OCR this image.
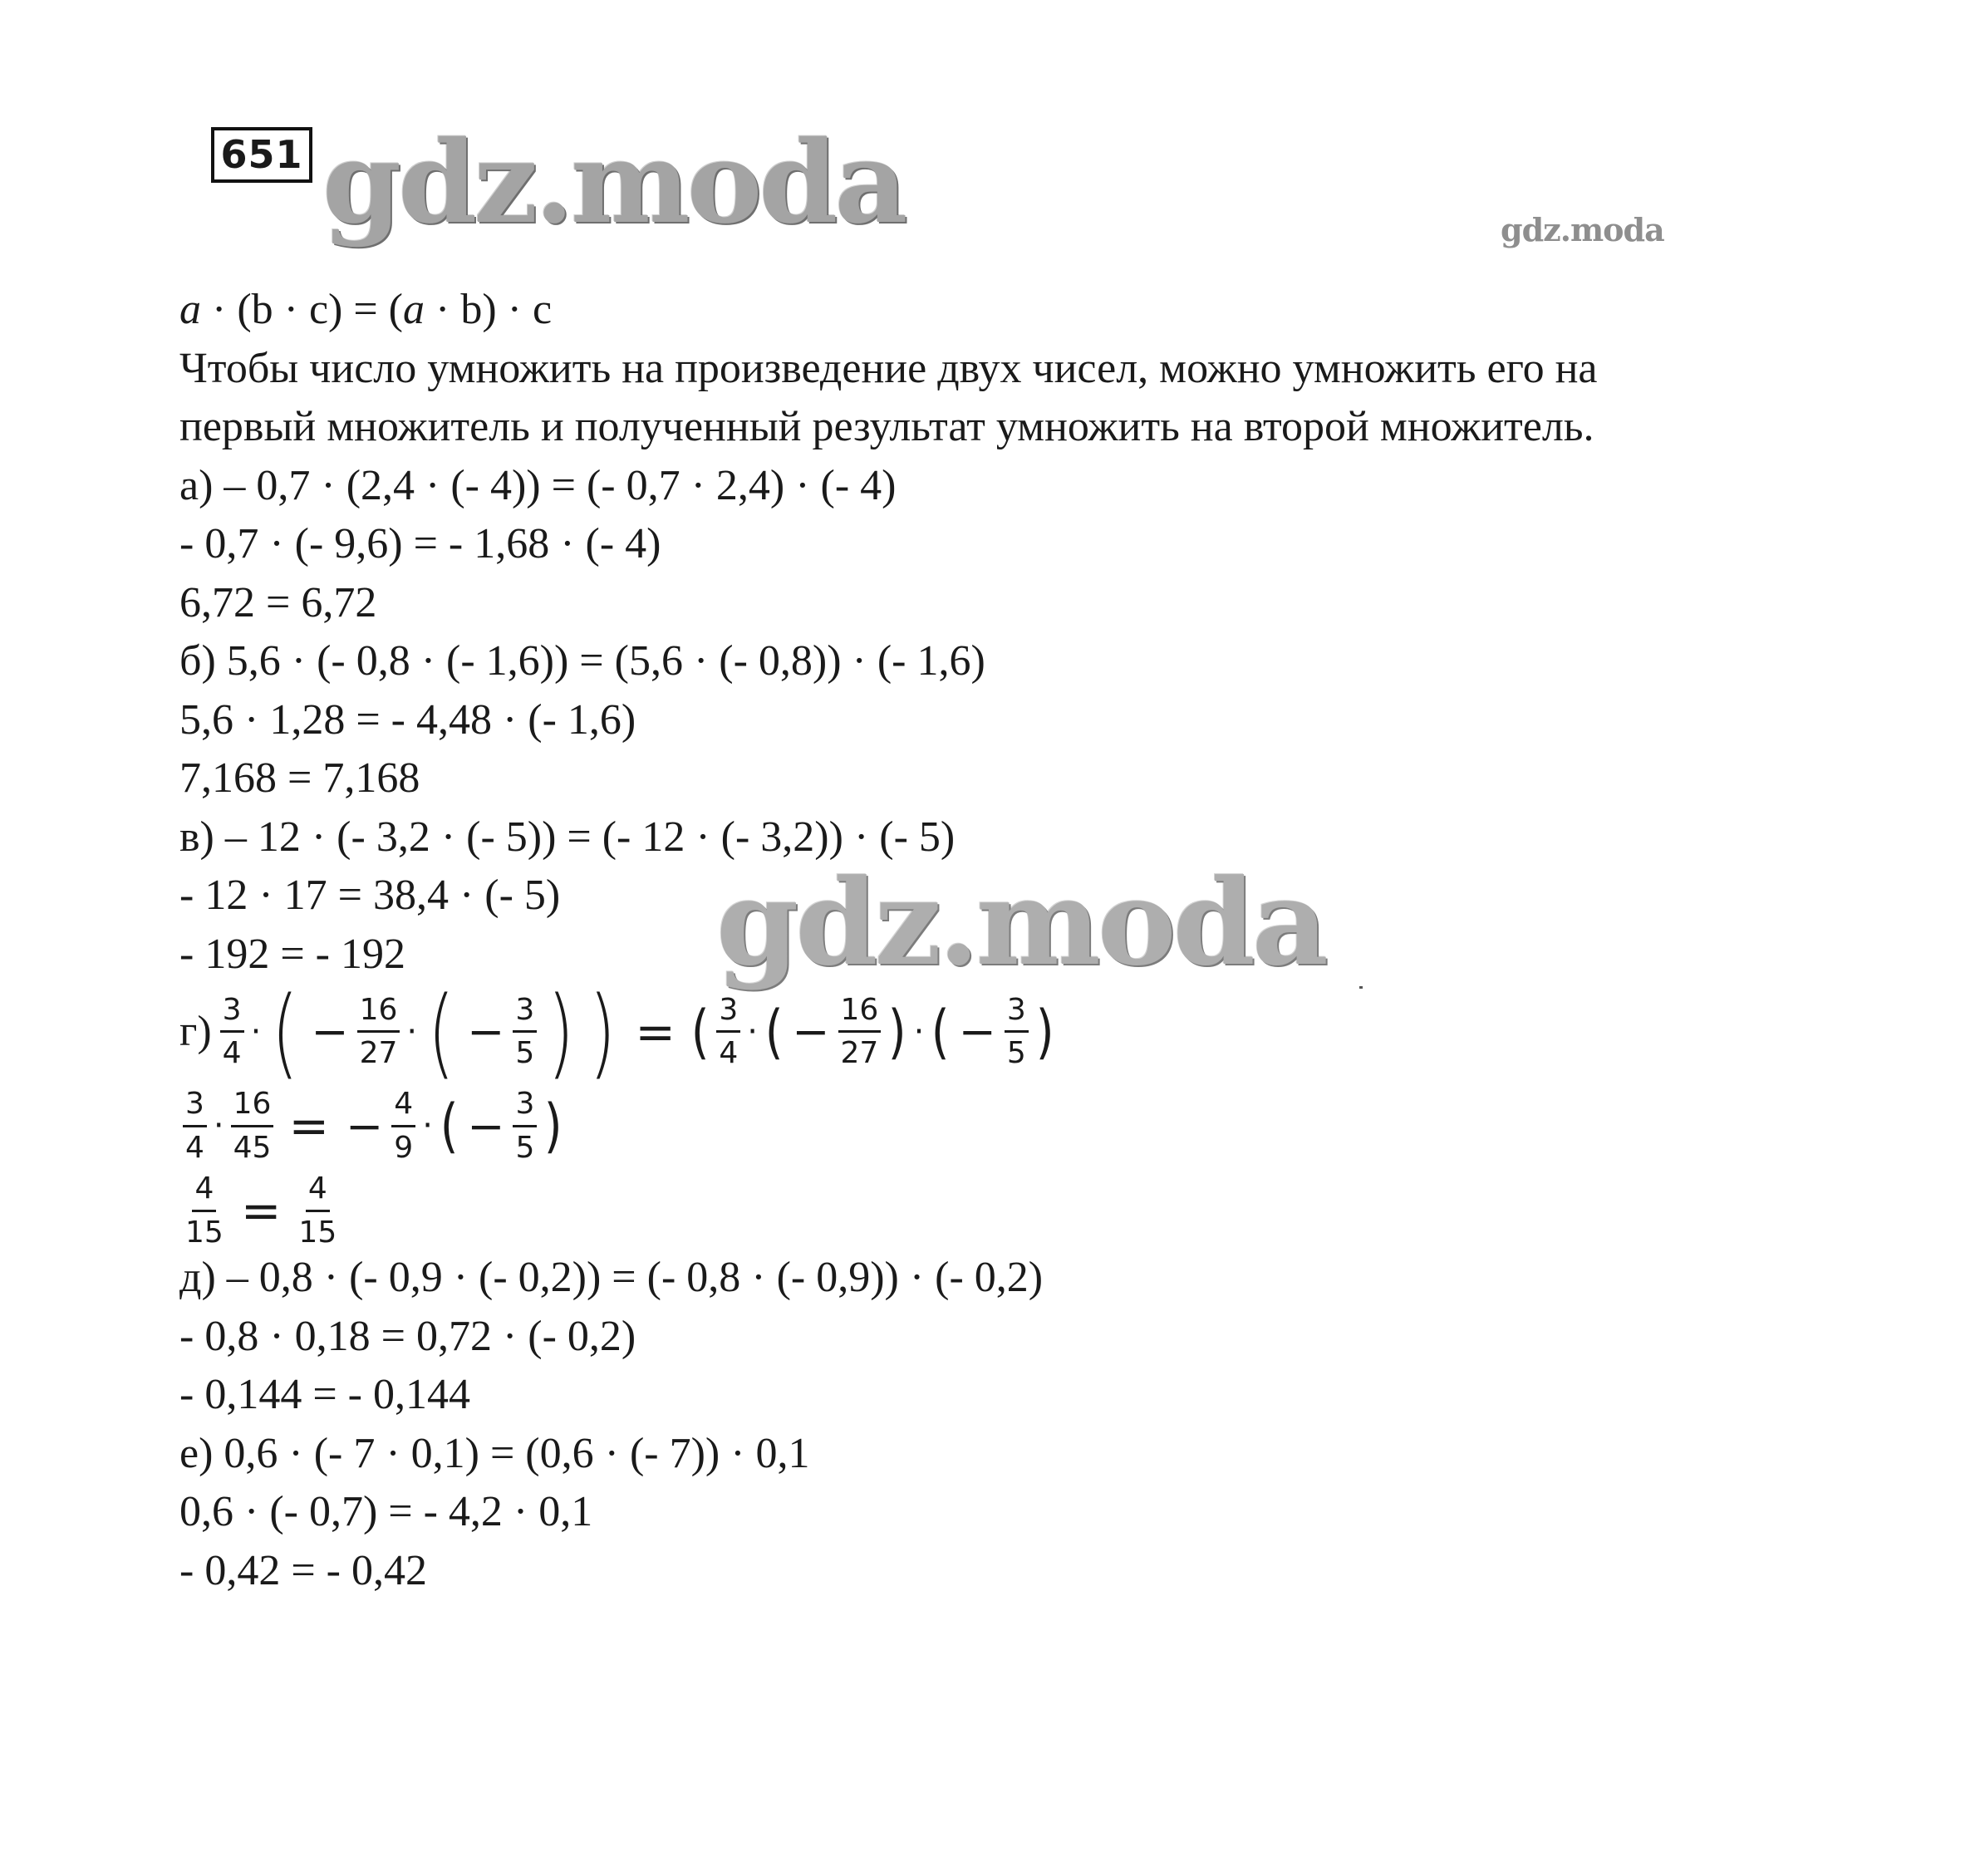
651 gdz.moda	gdz.moda
a · (b · c) = (a · b) · c
Чтобы число умножить на произведение двух чисел, можно умножить его на
первый множитель и полученный результат умножить на второй множитель.
а) – 0,7 · (2,4 · (- 4)) = (- 0,7 · 2,4) · (- 4)
- 0,7 · (- 9,6) = - 1,68 · (- 4)
6,72 = 6,72
б) 5,6 · (- 0,8 · (- 1,6)) = (5,6 · (- 0,8)) · (- 1,6)
5,6 · 1,28 = - 4,48 · (- 1,6)
7,168 = 7,168
в) – 12 · (- 3,2 · (- 5)) = (- 12 · (- 3,2)) · (- 5)
- 12 · 17 = 38,4 · (- 5)
- 192 = - 192
$г) \frac{3}{4}$ · ( − $\frac{16}{27}$ · ( − $\frac{3}{5}$ ) ) = ( $\frac{3}{4}$ · ( − $\frac{16}{27}$ ) · ( − $\frac{3}{5}$ )
$\frac{3}{4} \cdot \frac{16}{45}$ = − $\frac{4}{9}$ · ( − $\frac{3}{5}$ )
$\frac{4}{15} = \frac{4}{15}$
д) – 0,8 · (- 0,9 · (- 0,2)) = (- 0,8 · (- 0,9)) · (- 0,2)
- 0,8 · 0,18 = 0,72 · (- 0,2)
- 0,144 = - 0,144
е) 0,6 · (- 7 · 0,1) = (0,6 · (- 7)) · 0,1
0,6 · (- 0,7) = - 4,2 · 0,1
- 0,42 = - 0,42
gdz.moda
